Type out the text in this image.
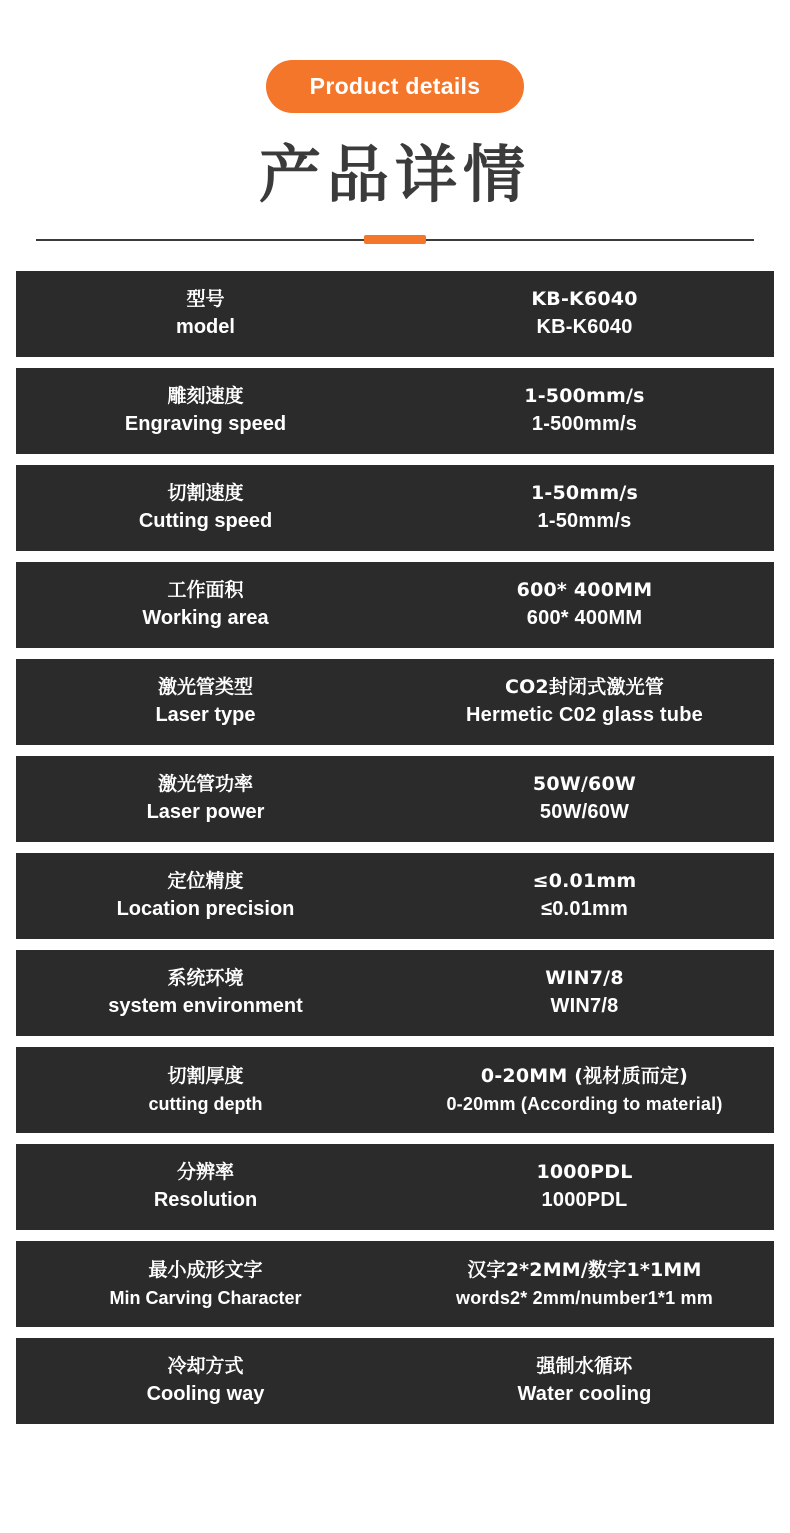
Product details
产品详情
型号
model
KB-K6040
KB-K6040
雕刻速度
Engraving speed
1-500mm/s
1-500mm/s
切割速度
Cutting speed
1-50mm/s
1-50mm/s
工作面积
Working area
600* 400MM
600* 400MM
激光管类型
Laser type
CO2封闭式激光管
Hermetic C02 glass tube
激光管功率
Laser power
50W/60W
50W/60W
定位精度
Location precision
≤0.01mm
≤0.01mm
系统环境
system environment
WIN7/8
WIN7/8
切割厚度
cutting depth
0-20MM (视材质而定)
0-20mm (According to material)
分辨率
Resolution
1000PDL
1000PDL
最小成形文字
Min Carving Character
汉字2*2MM/数字1*1MM
words2* 2mm/number1*1 mm
冷却方式
Cooling way
强制水循环
Water cooling
